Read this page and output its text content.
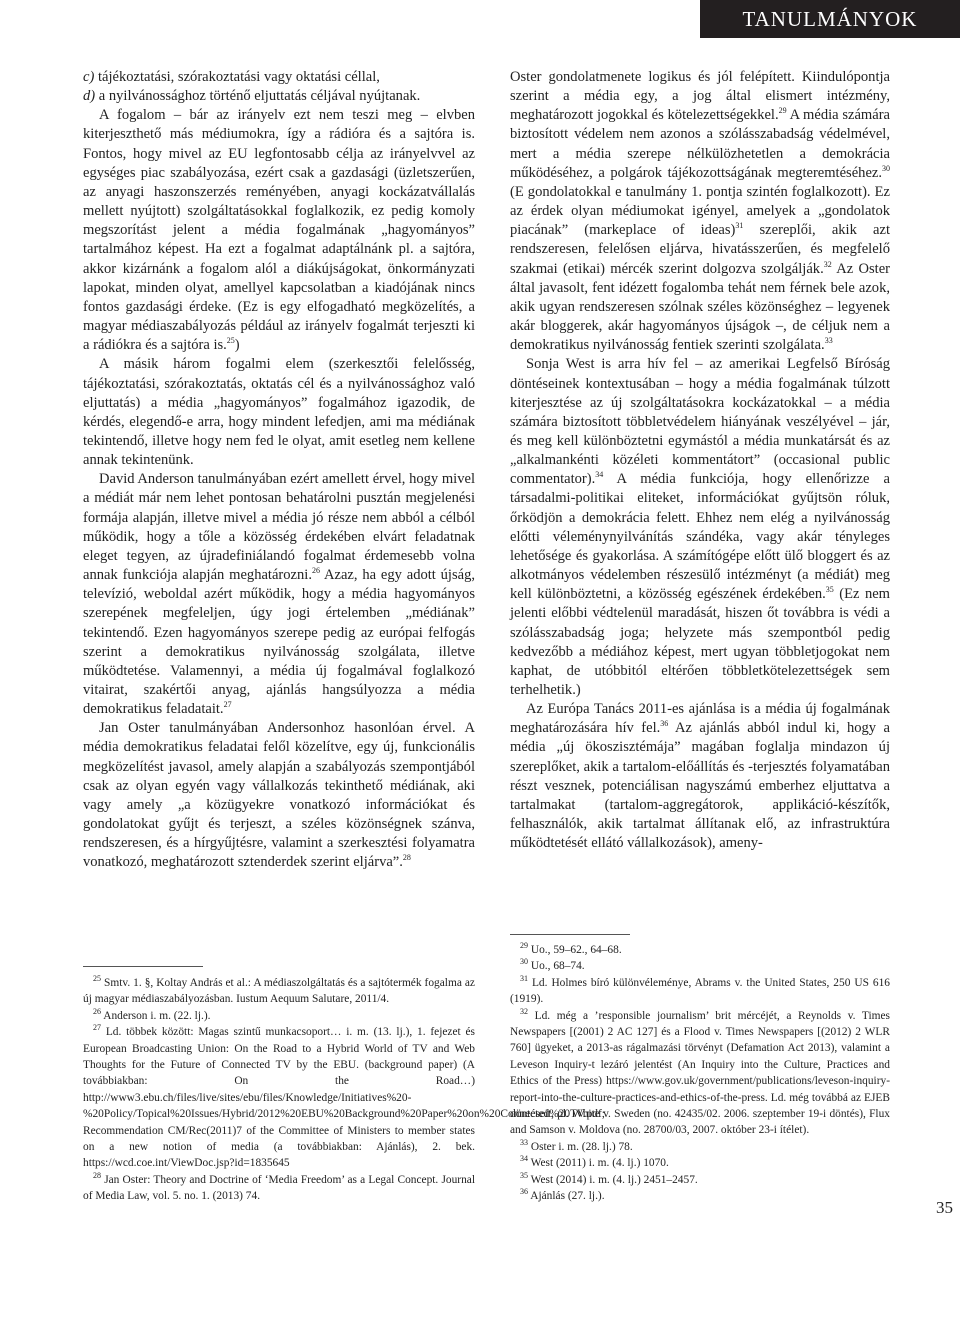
TANULMÁNYOK

c) tájékoztatási, szórakoztatási vagy oktatási céllal,

d) a nyilvánossághoz történő eljuttatás céljával nyújtanak.

A fogalom – bár az irányelv ezt nem teszi meg – elvben kiterjeszthető más médiumokra, így a rádióra és a sajtóra is. Fontos, hogy mivel az EU legfontosabb célja az irányelvvel az egységes piac szabályozása, ezért csak a gazdasági (üzletszerűen, az anyagi haszonszerzés reményében, anyagi kockázatvállalás mellett nyújtott) szolgáltatásokkal foglalkozik, ez pedig komoly megszorítást jelent a média fogalmának „hagyományos” tartalmához képest. Ha ezt a fogalmat adaptálnánk pl. a sajtóra, akkor kizárnánk a fogalom alól a diákújságokat, önkormányzati lapokat, minden olyat, amellyel kapcsolatban a kiadójának nincs fontos gazdasági érdeke. (Ez is egy elfogadható megközelítés, a magyar médiaszabályozás például az irányelv fogalmát terjeszti ki a rádiókra és a sajtóra is.$^{25}$)

A másik három fogalmi elem (szerkesztői felelősség, tájékoztatási, szórakoztatás, oktatás cél és a nyilvánossághoz való eljuttatás) a média „hagyományos” fogalmához igazodik, de kérdés, elegendő-e arra, hogy mindent lefedjen, ami ma médiának tekintendő, illetve hogy nem fed le olyat, amit esetleg nem kellene annak tekintenünk.

David Anderson tanulmányában ezért amellett érvel, hogy mivel a médiát már nem lehet pontosan behatárolni pusztán megjelenési formája alapján, illetve mivel a média jó része nem abból a célból működik, hogy a tőle a közösség érdekében elvárt feladatnak eleget tegyen, az újradefiniálandó fogalmat érdemesebb volna annak funkciója alapján meghatározni.$^{26}$ Azaz, ha egy adott újság, televízió, weboldal azért működik, hogy a média hagyományos szerepének megfeleljen, úgy jogi értelemben „médiának” tekintendő. Ezen hagyományos szerepe pedig az európai felfogás szerint a demokratikus nyilvánosság szolgálata, illetve működtetése. Valamennyi, a média új fogalmával foglalkozó vitairat, szakértői anyag, ajánlás hangsúlyozza a média demokratikus feladatait.$^{27}$

Jan Oster tanulmányában Andersonhoz hasonlóan érvel. A média demokratikus feladatai felől közelítve, egy új, funkcionális megközelítést javasol, amely alapján a szabályozás szempontjából csak az olyan egyén vagy vállalkozás tekinthető médiának, aki vagy amely „a közügyekre vonatkozó információkat és gondolatokat gyűjt és terjeszt, a széles közönségnek szánva, rendszeresen, és a hírgyűjtésre, valamint a szerkesztési folyamatra vonatkozó, meghatározott sztenderdek szerint eljárva”.$^{28}$

Oster gondolatmenete logikus és jól felépített. Kiindulópontja szerint a média egy, a jog által elismert intézmény, meghatározott jogokkal és kötelezettségekkel.$^{29}$ A média számára biztosított védelem nem azonos a szólásszabadság védelmével, mert a média szerepe nélkülözhetetlen a demokrácia működéséhez, a polgárok tájékozottságának megteremtéséhez.$^{30}$ (E gondolatokkal e tanulmány 1. pontja szintén foglalkozott). Ez az érdek olyan médiumokat igényel, amelyek a „gondolatok piacának” (markeplace of ideas)$^{31}$ szereplői, akik azt rendszeresen, felelősen eljárva, hivatásszerűen, és megfelelő szakmai (etikai) mércék szerint dolgozva szolgálják.$^{32}$ Az Oster által javasolt, fent idézett fogalomba tehát nem férnek bele azok, akik ugyan rendszeresen szólnak széles közönséghez – legyenek akár bloggerek, akár hagyományos újságok –, de céljuk nem a demokratikus nyilvánosság fentiek szerinti szolgálata.$^{33}$

Sonja West is arra hív fel – az amerikai Legfelső Bíróság döntéseinek kontextusában – hogy a média fogalmának túlzott kiterjesztése az új szolgáltatásokra kockázatokkal – a média számára biztosított többletvédelem hiányának veszélyével – jár, és meg kell különböztetni egymástól a média munkatársát és az „alkalmankénti közéleti kommentátort” (occasional public commentator).$^{34}$ A média funkciója, hogy ellenőrizze a társadalmi-politikai eliteket, információkat gyűjtsön róluk, őrködjön a demokrácia felett. Ehhez nem elég a nyilvánosság előtti véleménynyilvánítás szándéka, vagy akár tényleges lehetősége és gyakorlása. A számítógépe előtt ülő bloggert és az alkotmányos védelemben részesülő intézményt (a médiát) meg kell különböztetni, a közösség egészének érdekében.$^{35}$ (Ez nem jelenti előbbi védtelenül maradását, hiszen őt továbbra is védi a szólásszabadság joga; helyzete más szempontból pedig kedvezőbb a médiához képest, mert ugyan többletjogokat nem kaphat, de utóbbitól eltérően többletkötelezettségek sem terhelhetik.)

Az Európa Tanács 2011-es ajánlása is a média új fogalmának meghatározására hív fel.$^{36}$ Az ajánlás abból indul ki, hogy a média „új ökoszisztémája” magában foglalja mindazon új szereplőket, akik a tartalom-előállítás és -terjesztés folyamatában részt vesznek, potenciálisan nagyszámú emberhez eljuttatva a tartalmakat (tartalom-aggregátorok, applikáció-készítők, felhasználók, akik tartalmat állítanak elő, az infrastruktúra működtetését ellátó vállalkozások), ameny-

$^{25}$ Smtv. 1. §, Koltay András et al.: A médiaszolgáltatás és a sajtótermék fogalma az új magyar médiaszabályozásban. Iustum Aequum Salutare, 2011/4.

$^{26}$ Anderson i. m. (22. lj.).

$^{27}$ Ld. többek között: Magas szintű munkacsoport… i. m. (13. lj.), 1. fejezet és European Broadcasting Union: On the Road to a Hybrid World of TV and Web Thoughts for the Future of Connected TV by the EBU. (background paper) (A továbbiakban: On the Road…) http://www3.ebu.ch/files/live/sites/ebu/files/Knowledge/Initiatives%20-%20Policy/Topical%20Issues/Hybrid/2012%20EBU%20Background%20Paper%20on%20Connected%20TV.pdf; Recommendation CM/Rec(2011)7 of the Committee of Ministers to member states on a new notion of media (a továbbiakban: Ajánlás), 2. bek. https://wcd.coe.int/ViewDoc.jsp?id=1835645

$^{28}$ Jan Oster: Theory and Doctrine of ‘Media Freedom’ as a Legal Concept. Journal of Media Law, vol. 5. no. 1. (2013) 74.

$^{29}$ Uo., 59–62., 64–68.

$^{30}$ Uo., 68–74.

$^{31}$ Ld. Holmes bíró különvéleménye, Abrams v. the United States, 250 US 616 (1919).

$^{32}$ Ld. még a ’responsible journalism’ brit mércéjét, a Reynolds v. Times Newspapers [(2001) 2 AC 127] és a Flood v. Times Newspapers [(2012) 2 WLR 760] ügyeket, a 2013-as rágalmazási törvényt (Defamation Act 2013), valamint a Leveson Inquiry-t lezáró jelentést (An Inquiry into the Culture, Practices and Ethics of the Press) https://www.gov.uk/government/publications/leveson-inquiry-report-into-the-culture-practices-and-ethics-of-the-press. Ld. még továbbá az EJEB döntéseit, pl. White v. Sweden (no. 42435/02. 2006. szeptember 19-i döntés), Flux and Samson v. Moldova (no. 28700/03, 2007. október 23-i ítélet).

$^{33}$ Oster i. m. (28. lj.) 78.

$^{34}$ West (2011) i. m. (4. lj.) 1070.

$^{35}$ West (2014) i. m. (4. lj.) 2451–2457.

$^{36}$ Ajánlás (27. lj.).

35
